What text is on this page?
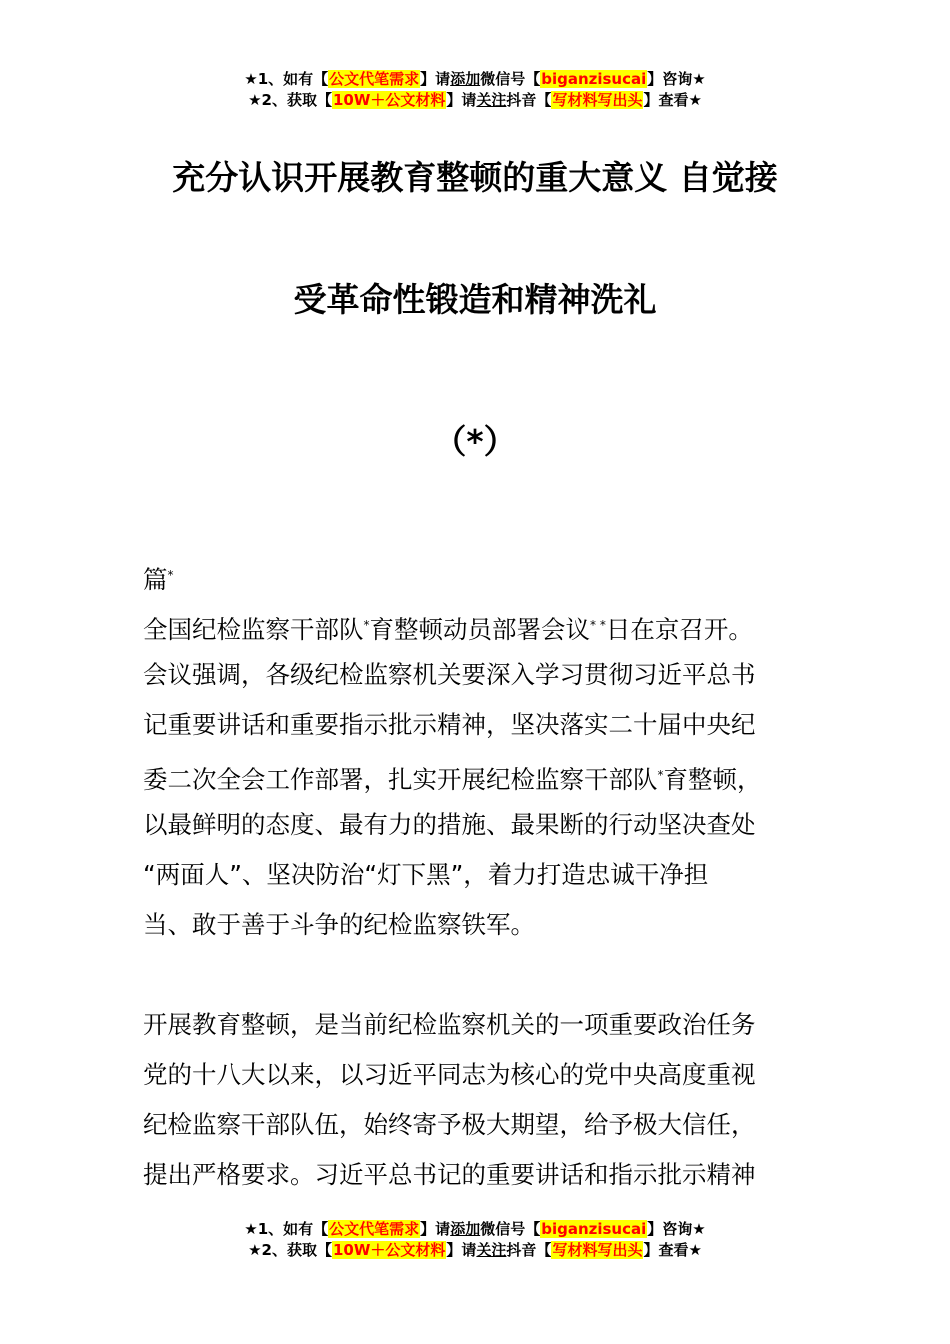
★1、如有【公文代笔需求】请添加微信号【biganzisucai】咨询★
★2、获取【10W＋公文材料】请关注抖音【写材料写出头】查看★
充分认识开展教育整顿的重大意义 自觉接
受革命性锻造和精神洗礼
（*）
篇*
全国纪检监察干部队*育整顿动员部署会议* *日在京召开。
会议强调，各级纪检监察机关要深入学习贯彻习近平总书
记重要讲话和重要指示批示精神，坚决落实二十届中央纪
委二次全会工作部署，扎实开展纪检监察干部队*育整顿，
以最鲜明的态度、最有力的措施、最果断的行动坚决查处
“两面人”、坚决防治“灯下黑”，着力打造忠诚干净担
当、敢于善于斗争的纪检监察铁军。
开展教育整顿，是当前纪检监察机关的一项重要政治任务
党的十八大以来，以习近平同志为核心的党中央高度重视
纪检监察干部队伍，始终寄予极大期望，给予极大信任，
提出严格要求。习近平总书记的重要讲话和指示批示精神
★1、如有【公文代笔需求】请添加微信号【biganzisucai】咨询★
★2、获取【10W＋公文材料】请关注抖音【写材料写出头】查看★
